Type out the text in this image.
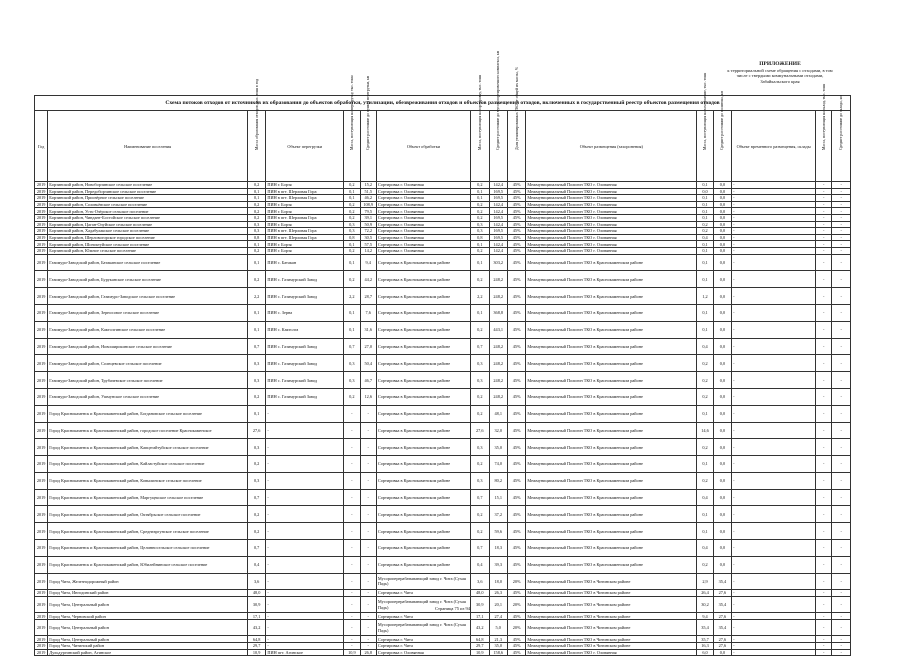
ПРИЛОЖЕНИЕ
к территориальной схеме обращения с отходами, в том
числе с твердыми коммунальными отходами,
Забайкальского края
Схема потоков отходов от источников их образования до объектов обработки, утилизации, обезвреживания отходов и объектов размещения отходов, включенных в государственный реестр объектов размещения отходов
Год	Наименование поселения	Масса образования отходов, тыс. тонн в год	Объект перегрузки	Масса, поступающая на перегрузку, тыс. тонн	Среднее расстояние до пункта перегрузки, км	Объект обработки	Масса, поступающая на сортировку, тыс. тонн	Среднее расстояние до мусоросортировочного комплекса, км	Доля утилизированных ТКО от общей их массы, %	Объект размещения (захоронения)	Масса, поступающая на захоронение, тыс. тонн	Среднее расстояние до полигона, км	Объект временного размещения, склады	Масса, поступающая на склад, тыс. тонн	Среднее расстояние до склада, км

2019	Борзинский район, Новоборзинское сельское поселение	0,2	ПИН г. Борзя	0,2	15,2	Сортировка г. Оловянная	0,2	142,4	45%	Межмуниципальный Полигон ТКО г. Оловянная	0,1	0,0	-	-	-
2019	Борзинский район, Передоборзинское сельское поселение	0,1	ПИН в пгт. Шерловая Гора	0,1	51,5	Сортировка г. Оловянная	0,1	169,5	45%	Межмуниципальный Полигон ТКО г. Оловянная	0,0	0,0	-	-	-
2019	Борзинский район, Приозёрное сельское поселение	0,1	ПИН в пгт. Шерловая Гора	0,1	46,2	Сортировка г. Оловянная	0,1	169,5	45%	Межмуниципальный Полигон ТКО г. Оловянная	0,1	0,0	-	-	-
2019	Борзинский район, Соловьёвское сельское поселение	0,2	ПИН г. Борзя	0,2	108,9	Сортировка г. Оловянная	0,2	142,4	45%	Межмуниципальный Полигон ТКО г. Оловянная	0,1	0,0	-	-	-
2019	Борзинский район, Усть-Озёрское сельское поселение	0,2	ПИН г. Борзя	0,2	79,5	Сортировка г. Оловянная	0,2	142,4	45%	Межмуниципальный Полигон ТКО г. Оловянная	0,1	0,0	-	-	-
2019	Борзинский район, Чиндант-Бостойское сельское поселение	0,2	ПИН в пгт. Шерловая Гора	0,2	39,1	Сортировка г. Оловянная	0,2	169,5	45%	Межмуниципальный Полигон ТКО г. Оловянная	0,1	0,0	-	-	-
2019	Борзинский район, Цаган-Олуйское сельское поселение	0,3	ПИН г. Борзя	0,3	50,9	Сортировка г. Оловянная	0,3	142,4	45%	Межмуниципальный Полигон ТКО г. Оловянная	0,2	0,0	-	-	-
2019	Борзинский район, Хадабулакское сельское поселение	0,3	ПИН в пгт. Шерловая Гора	0,3	72,2	Сортировка г. Оловянная	0,3	169,5	45%	Межмуниципальный Полигон ТКО г. Оловянная	0,2	0,0	-	-	-
2019	Борзинский район, Шерловогорское городское поселение	0,8	ПИН в пгт. Шерловая Гора	0,8	30,5	Сортировка г. Оловянная	0,8	169,5	45%	Межмуниципальный Полигон ТКО г. Оловянная	0,4	0,0	-	-	-
2019	Борзинский район, Шоноктуйское сельское поселение	0,1	ПИН г. Борзя	0,1	57,5	Сортировка г. Оловянная	0,1	142,4	45%	Межмуниципальный Полигон ТКО г. Оловянная	0,1	0,0	-	-	-
2019	Борзинский район, Южное сельское поселение	0,2	ПИН г. Борзя	0,2	14,2	Сортировка г. Оловянная	0,2	142,4	45%	Межмуниципальный Полигон ТКО г. Оловянная	0,1	0,0	-	-	-
2019	Газимуро-Заводский район, Батаканское сельское поселение	0,1	ПИН с. Батакан	0,1	9,4	Сортировка в Краснокаменском районе	0,1	303,2	45%	Межмуниципальный Полигон ТКО в Краснокаменском районе	0,1	0,0	-	-	-
2019	Газимуро-Заводский район, Буруканское сельское поселение	0,2	ПИН с. Газимурский Завод	0,2	44,2	Сортировка в Краснокаменском районе	0,2	248,2	45%	Межмуниципальный Полигон ТКО в Краснокаменском районе	0,1	0,0	-	-	-
2019	Газимуро-Заводский район, Газимуро-Заводское сельское поселение	2,2	ПИН с. Газимурский Завод	2,2	28,7	Сортировка в Краснокаменском районе	2,2	248,2	45%	Межмуниципальный Полигон ТКО в Краснокаменском районе	1,2	0,0	-	-	-
2019	Газимуро-Заводский район, Зерносовое сельское поселение	0,1	ПИН с. Зерна	0,1	7,6	Сортировка в Краснокаменском районе	0,1	368,8	45%	Межмуниципальный Полигон ТКО в Краснокаменском районе	0,1	0,0	-	-	-
2019	Газимуро-Заводский район, Кактолгинское сельское поселение	0,1	ПИН с. Кактолга	0,1	31,6	Сортировка в Краснокаменском районе	0,2	443,1	45%	Межмуниципальный Полигон ТКО в Краснокаменском районе	0,1	0,0	-	-	-
2019	Газимуро-Заводский район, Новоширокинское сельское поселение	0,7	ПИН с. Газимурский Завод	0,7	27,0	Сортировка в Краснокаменском районе	0,7	248,2	45%	Межмуниципальный Полигон ТКО в Краснокаменском районе	0,4	0,0	-	-	-
2019	Газимуро-Заводский район, Солнцевское сельское поселение	0,3	ПИН с. Газимурский Завод	0,3	50,4	Сортировка в Краснокаменском районе	0,3	248,2	45%	Межмуниципальный Полигон ТКО в Краснокаменском районе	0,2	0,0	-	-	-
2019	Газимуро-Заводский район, Трубачевское сельское поселение	0,3	ПИН с. Газимурский Завод	0,3	46,7	Сортировка в Краснокаменском районе	0,3	248,2	45%	Межмуниципальный Полигон ТКО в Краснокаменском районе	0,2	0,0	-	-	-
2019	Газимуро-Заводский район, Ушмунское сельское поселение	0,2	ПИН с. Газимурский Завод	0,2	12,6	Сортировка в Краснокаменском районе	0,2	248,2	45%	Межмуниципальный Полигон ТКО в Краснокаменском районе	0,2	0,0	-	-	-
2019	Город Краснокаменск и Краснокаменский район, Богдановское сельское поселение	0,1	-	-	-	Сортировка в Краснокаменском районе	0,2	48,1	45%	Межмуниципальный Полигон ТКО в Краснокаменском районе	0,1	0,0	-	-	-
2019	Город Краснокаменск и Краснокаменский район, городское поселение Краснокаменское	27,6	-	-	-	Сортировка в Краснокаменском районе	27,6	32,0	45%	Межмуниципальный Полигон ТКО в Краснокаменском районе	14,6	0,0	-	-	-
2019	Город Краснокаменск и Краснокаменский район, Капцегайтуйское сельское поселение	0,3	-	-	-	Сортировка в Краснокаменском районе	0,3	35,0	45%	Межмуниципальный Полигон ТКО в Краснокаменском районе	0,2	0,0	-	-	-
2019	Город Краснокаменск и Краснокаменский район, Кайластуйское сельское поселение	0,2	-	-	-	Сортировка в Краснокаменском районе	0,2	74,0	45%	Межмуниципальный Полигон ТКО в Краснокаменском районе	0,1	0,0	-	-	-
2019	Город Краснокаменск и Краснокаменский район, Ковылинское сельское поселение	0,3	-	-	-	Сортировка в Краснокаменском районе	0,3	80,2	45%	Межмуниципальный Полигон ТКО в Краснокаменском районе	0,2	0,0	-	-	-
2019	Город Краснокаменск и Краснокаменский район, Маргуцекское сельское поселение	0,7	-	-	-	Сортировка в Краснокаменском районе	0,7	15,1	45%	Межмуниципальный Полигон ТКО в Краснокаменском районе	0,4	0,0	-	-	-
2019	Город Краснокаменск и Краснокаменский район, Октябрьское сельское поселение	0,2	-	-	-	Сортировка в Краснокаменском районе	0,2	37,2	45%	Межмуниципальный Полигон ТКО в Краснокаменском районе	0,1	0,0	-	-	-
2019	Город Краснокаменск и Краснокаменский район, Среднеаргунское сельское поселение	0,2	-	-	-	Сортировка в Краснокаменском районе	0,2	59,6	45%	Межмуниципальный Полигон ТКО в Краснокаменском районе	0,1	0,0	-	-	-
2019	Город Краснокаменск и Краснокаменский район, Целинносельское сельское поселение	0,7	-	-	-	Сортировка в Краснокаменском районе	0,7	18,3	45%	Межмуниципальный Полигон ТКО в Краснокаменском районе	0,4	0,0	-	-	-
2019	Город Краснокаменск и Краснокаменский район, Юбилейнинское сельское поселение	0,4	-	-	-	Сортировка в Краснокаменском районе	0,4	39,3	45%	Межмуниципальный Полигон ТКО в Краснокаменском районе	0,2	0,0	-	-	-
2019	Город Чита, Железнодорожный район	3,6	-	-	-	Мусороперерабатывающий завод г. Чита (Сухая Падь)	3,6	18,0	20%	Межмуниципальный Полигон ТКО в Читинском районе	2,9	35,4	-	-	-
2019	Город Чита, Ингодинский район	48,0	-	-	-	Сортировка г. Чита	48,0	26,3	45%	Межмуниципальный Полигон ТКО в Читинском районе	26,4	27,6	-	-	-
2019	Город Чита, Центральный район	30,9	-	-	-	Мусороперерабатывающий завод г. Чита (Сухая Падь)	30,9	20,1	20%	Межмуниципальный Полигон ТКО в Читинском районе	30,2	35,4	-	-	-
2019	Город Чита, Черновский район	17,1	-	-	-	Сортировка г. Чита	17,1	27,4	45%	Межмуниципальный Полигон ТКО в Читинском районе	9,4	27,6	-	-	-
2019	Город Чита, Центральный район	43,2	-	-	-	Мусороперерабатывающий завод г. Чита (Сухая Падь)	43,2	5,0	20%	Межмуниципальный Полигон ТКО в Читинском районе	35,4	35,4	-	-	-
2019	Город Чита, Центральный район	64,8	-	-	-	Сортировка г. Чита	64,8	21,3	45%	Межмуниципальный Полигон ТКО в Читинском районе	35,7	27,6	-	-	-
2019	Город Чита, Читинский район	29,7	-	-	-	Сортировка г. Чита	29,7	35,0	45%	Межмуниципальный Полигон ТКО в Читинском районе	16,3	27,6	-	-	-
2019	Дульдургинский район, Агинское	10,9	ПИН пгт. Агинское	10,9	26,8	Сортировка г. Оловянная	10,9	158,6	45%	Межмуниципальный Полигон ТКО г. Оловянная	6,0	0,0	-	-	-
Страница 75 из 94
